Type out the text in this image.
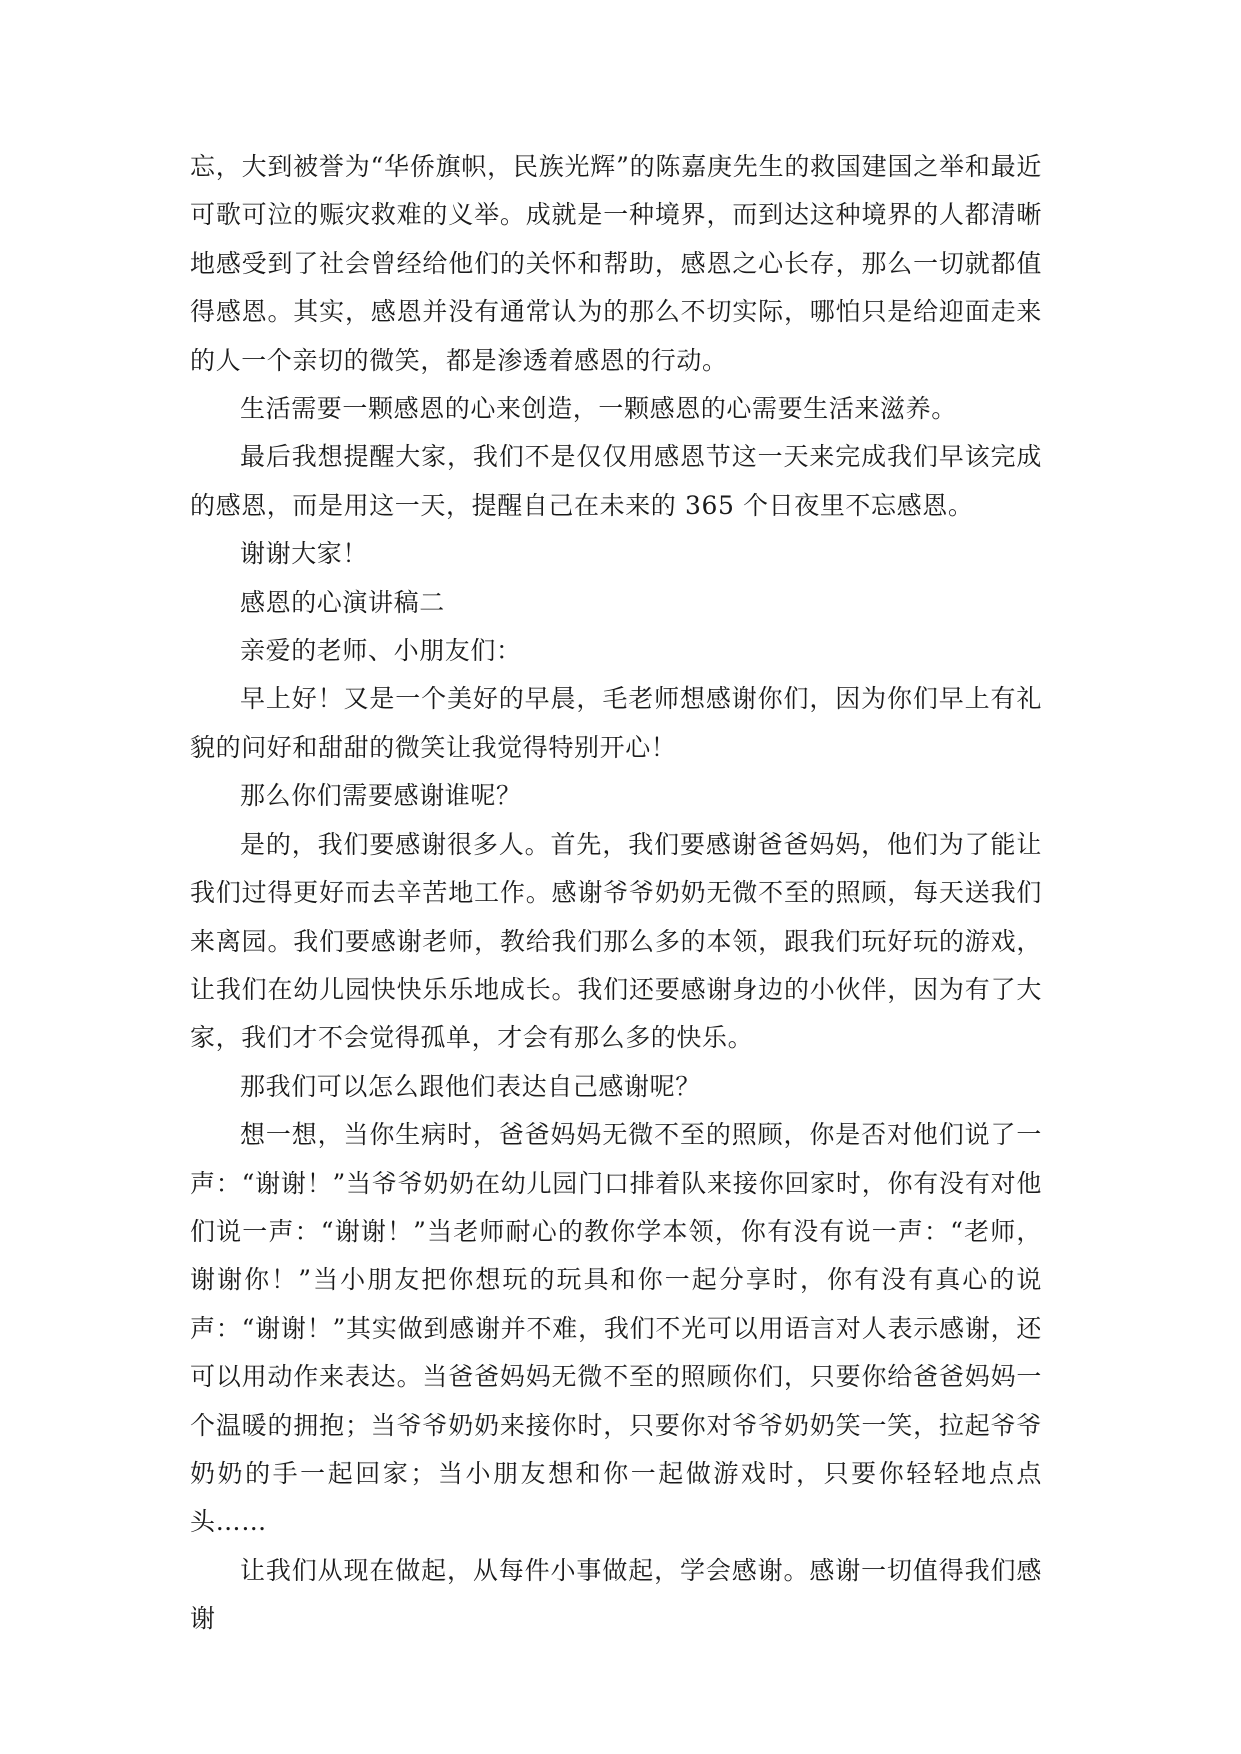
忘，大到被誉为“华侨旗帜，民族光辉”的陈嘉庚先生的救国建国之举和最近可歌可泣的赈灾救难的义举。成就是一种境界，而到达这种境界的人都清晰地感受到了社会曾经给他们的关怀和帮助，感恩之心长存，那么一切就都值得感恩。其实，感恩并没有通常认为的那么不切实际，哪怕只是给迎面走来的人一个亲切的微笑，都是渗透着感恩的行动。

生活需要一颗感恩的心来创造，一颗感恩的心需要生活来滋养。

最后我想提醒大家，我们不是仅仅用感恩节这一天来完成我们早该完成的感恩，而是用这一天，提醒自己在未来的 365 个日夜里不忘感恩。

谢谢大家！

感恩的心演讲稿二

亲爱的老师、小朋友们：

早上好！又是一个美好的早晨，毛老师想感谢你们，因为你们早上有礼貌的问好和甜甜的微笑让我觉得特别开心！

那么你们需要感谢谁呢？

是的，我们要感谢很多人。首先，我们要感谢爸爸妈妈，他们为了能让我们过得更好而去辛苦地工作。感谢爷爷奶奶无微不至的照顾，每天送我们来离园。我们要感谢老师，教给我们那么多的本领，跟我们玩好玩的游戏，让我们在幼儿园快快乐乐地成长。我们还要感谢身边的小伙伴，因为有了大家，我们才不会觉得孤单，才会有那么多的快乐。

那我们可以怎么跟他们表达自己感谢呢？

想一想，当你生病时，爸爸妈妈无微不至的照顾，你是否对他们说了一声：“谢谢！”当爷爷奶奶在幼儿园门口排着队来接你回家时，你有没有对他们说一声：“谢谢！”当老师耐心的教你学本领，你有没有说一声：“老师，谢谢你！”当小朋友把你想玩的玩具和你一起分享时，你有没有真心的说声：“谢谢！”其实做到感谢并不难，我们不光可以用语言对人表示感谢，还可以用动作来表达。当爸爸妈妈无微不至的照顾你们，只要你给爸爸妈妈一个温暖的拥抱；当爷爷奶奶来接你时，只要你对爷爷奶奶笑一笑，拉起爷爷奶奶的手一起回家；当小朋友想和你一起做游戏时，只要你轻轻地点点头……

让我们从现在做起，从每件小事做起，学会感谢。感谢一切值得我们感谢
